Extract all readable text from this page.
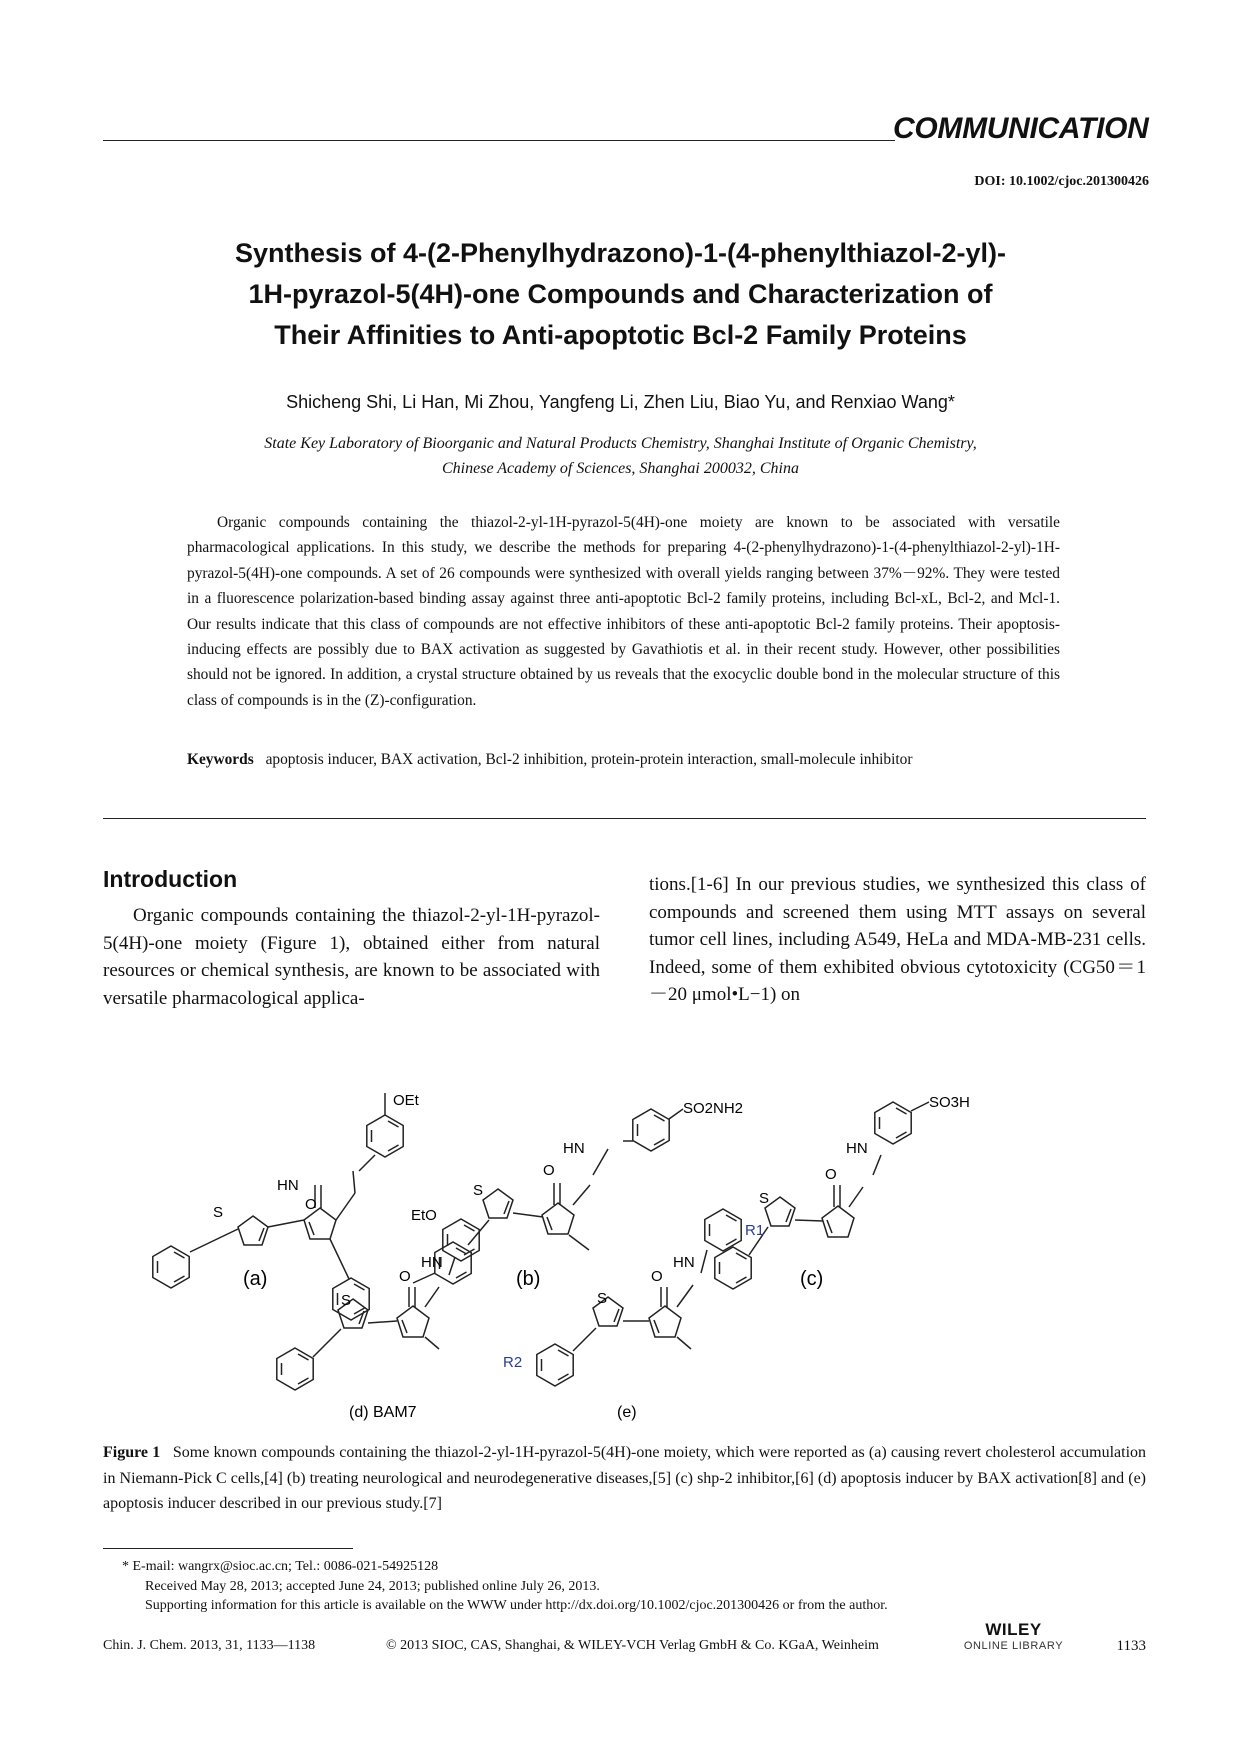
COMMUNICATION
DOI: 10.1002/cjoc.201300426
Synthesis of 4-(2-Phenylhydrazono)-1-(4-phenylthiazol-2-yl)-
1H-pyrazol-5(4H)-one Compounds and Characterization of
Their Affinities to Anti-apoptotic Bcl-2 Family Proteins
Shicheng Shi, Li Han, Mi Zhou, Yangfeng Li, Zhen Liu, Biao Yu, and Renxiao Wang*
State Key Laboratory of Bioorganic and Natural Products Chemistry, Shanghai Institute of Organic Chemistry,
Chinese Academy of Sciences, Shanghai 200032, China
Organic compounds containing the thiazol-2-yl-1H-pyrazol-5(4H)-one moiety are known to be associated with versatile pharmacological applications. In this study, we describe the methods for preparing 4-(2-phenylhydrazono)-1-(4-phenylthiazol-2-yl)-1H-pyrazol-5(4H)-one compounds. A set of 26 compounds were synthesized with overall yields ranging between 37%－92%. They were tested in a fluorescence polarization-based binding assay against three anti-apoptotic Bcl-2 family proteins, including Bcl-xL, Bcl-2, and Mcl-1. Our results indicate that this class of compounds are not effective inhibitors of these anti-apoptotic Bcl-2 family proteins. Their apoptosis-inducing effects are possibly due to BAX activation as suggested by Gavathiotis et al. in their recent study. However, other possibilities should not be ignored. In addition, a crystal structure obtained by us reveals that the exocyclic double bond in the molecular structure of this class of compounds is in the (Z)-configuration.
Keywords apoptosis inducer, BAX activation, Bcl-2 inhibition, protein-protein interaction, small-molecule inhibitor
Introduction
Organic compounds containing the thiazol-2-yl-1H-pyrazol-5(4H)-one moiety (Figure 1), obtained either from natural resources or chemical synthesis, are known to be associated with versatile pharmacological applica-
tions.[1-6] In our previous studies, we synthesized this class of compounds and screened them using MTT assays on several tumor cell lines, including A549, HeLa and MDA-MB-231 cells. Indeed, some of them exhibited obvious cytotoxicity (CG50＝1－20 μmol•L−1) on
OEt
HN
O
S
(a)
SO2NH2
HN
O
S
(b)
SO3H
HN
O
S
(c)
EtO
HN
O
S
(d) BAM7
R1
R2
HN
O
S
(e)
Figure 1 Some known compounds containing the thiazol-2-yl-1H-pyrazol-5(4H)-one moiety, which were reported as (a) causing revert cholesterol accumulation in Niemann-Pick C cells,[4] (b) treating neurological and neurodegenerative diseases,[5] (c) shp-2 inhibitor,[6] (d) apoptosis inducer by BAX activation[8] and (e) apoptosis inducer described in our previous study.[7]
* E-mail: wangrx@sioc.ac.cn; Tel.: 0086-021-54925128
Received May 28, 2013; accepted June 24, 2013; published online July 26, 2013.
Supporting information for this article is available on the WWW under http://dx.doi.org/10.1002/cjoc.201300426 or from the author.
Chin. J. Chem. 2013, 31, 1133—1138	© 2013 SIOC, CAS, Shanghai, & WILEY-VCH Verlag GmbH & Co. KGaA, Weinheim
WILEY
ONLINE LIBRARY	1133
